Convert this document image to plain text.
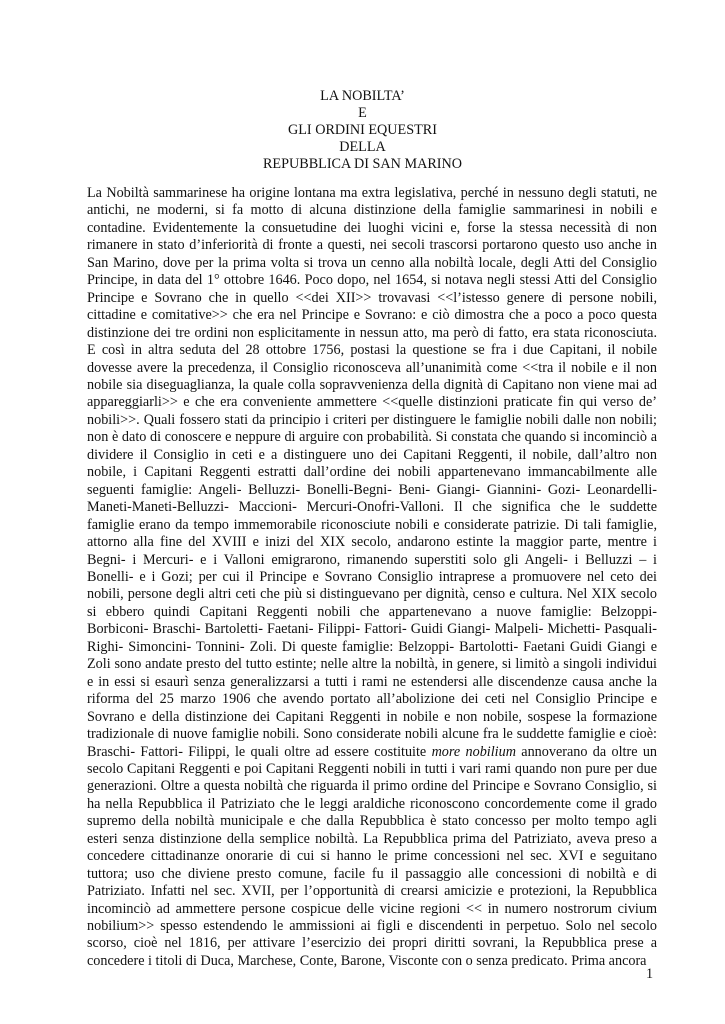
LA NOBILTA’
E
GLI ORDINI EQUESTRI
DELLA
REPUBBLICA DI SAN MARINO
La Nobiltà sammarinese ha origine lontana ma extra legislativa, perché in nessuno degli statuti, ne
antichi, ne moderni, si fa motto di alcuna distinzione della famiglie sammarinesi in nobili e
contadine. Evidentemente la consuetudine dei luoghi vicini e, forse la stessa necessità di non
rimanere in stato d’inferiorità di fronte a questi, nei secoli trascorsi portarono questo uso anche in
San Marino, dove per la prima volta si trova un cenno alla nobiltà locale, degli Atti del Consiglio
Principe, in data del 1° ottobre 1646. Poco dopo, nel 1654, si notava negli stessi Atti del Consiglio
Principe e Sovrano che in quello <<dei XII>> trovavasi <<l’istesso genere di persone nobili,
cittadine e comitative>> che era nel Principe e Sovrano: e ciò dimostra che a poco a poco questa
distinzione dei tre ordini non esplicitamente in nessun atto, ma però di fatto, era stata riconosciuta.
E così in altra seduta del 28 ottobre 1756, postasi la questione se fra i due Capitani, il nobile
dovesse avere la precedenza, il Consiglio riconosceva all’unanimità come <<tra il nobile e il non
nobile sia diseguaglianza, la quale colla sopravvenienza della dignità di Capitano non viene mai ad
appareggiarli>> e che era conveniente ammettere <<quelle distinzioni praticate fin qui verso de’
nobili>>. Quali fossero stati da principio i criteri per distinguere le famiglie nobili dalle non nobili;
non è dato di conoscere e neppure di arguire con probabilità. Si constata che quando si incominciò a
dividere il Consiglio in ceti e a distinguere uno dei Capitani Reggenti, il nobile, dall’altro non
nobile, i Capitani Reggenti estratti dall’ordine dei nobili appartenevano immancabilmente alle
seguenti famiglie: Angeli- Belluzzi- Bonelli-Begni- Beni- Giangi- Giannini- Gozi- Leonardelli-
Maneti-Maneti-Belluzzi- Maccioni- Mercuri-Onofri-Valloni. Il che significa che le suddette
famiglie erano da tempo immemorabile riconosciute nobili e considerate patrizie. Di tali famiglie,
attorno alla fine del XVIII e inizi del XIX secolo, andarono estinte la maggior parte, mentre i
Begni- i Mercuri- e i Valloni emigrarono, rimanendo superstiti solo gli Angeli- i Belluzzi – i
Bonelli- e i Gozi; per cui il Principe e Sovrano Consiglio intraprese a promuovere nel ceto dei
nobili, persone degli altri ceti che più si distinguevano per dignità, censo e cultura. Nel XIX secolo
si ebbero quindi Capitani Reggenti nobili che appartenevano a nuove famiglie: Belzoppi-
Borbiconi- Braschi- Bartoletti- Faetani- Filippi- Fattori- Guidi Giangi- Malpeli- Michetti- Pasquali-
Righi- Simoncini- Tonnini- Zoli. Di queste famiglie: Belzoppi- Bartolotti- Faetani Guidi Giangi e
Zoli sono andate presto del tutto estinte; nelle altre la nobiltà, in genere, si limitò a singoli individui
e in essi si esaurì senza generalizzarsi a tutti i rami ne estendersi alle discendenze causa anche la
riforma del 25 marzo 1906 che avendo portato all’abolizione dei ceti nel Consiglio Principe e
Sovrano e della distinzione dei Capitani Reggenti in nobile e non nobile, sospese la formazione
tradizionale di nuove famiglie nobili. Sono considerate nobili alcune fra le suddette famiglie e cioè:
Braschi- Fattori- Filippi, le quali oltre ad essere costituite more nobilium annoverano da oltre un
secolo Capitani Reggenti e poi Capitani Reggenti nobili in tutti i vari rami quando non pure per due
generazioni. Oltre a questa nobiltà che riguarda il primo ordine del Principe e Sovrano Consiglio, si
ha nella Repubblica il Patriziato che le leggi araldiche riconoscono concordemente come il grado
supremo della nobiltà municipale e che dalla Repubblica è stato concesso per molto tempo agli
esteri senza distinzione della semplice nobiltà. La Repubblica prima del Patriziato, aveva preso a
concedere cittadinanze onorarie di cui si hanno le prime concessioni nel sec. XVI e seguitano
tuttora; uso che diviene presto comune, facile fu il passaggio alle concessioni di nobiltà e di
Patriziato. Infatti nel sec. XVII, per l’opportunità di crearsi amicizie e protezioni, la Repubblica
incominciò ad ammettere persone cospicue delle vicine regioni << in numero nostrorum civium
nobilium>> spesso estendendo le ammissioni ai figli e discendenti in perpetuo. Solo nel secolo
scorso, cioè nel 1816, per attivare l’esercizio dei propri diritti sovrani, la Repubblica prese a
concedere i titoli di Duca, Marchese, Conte, Barone, Visconte con o senza predicato. Prima ancora
1
